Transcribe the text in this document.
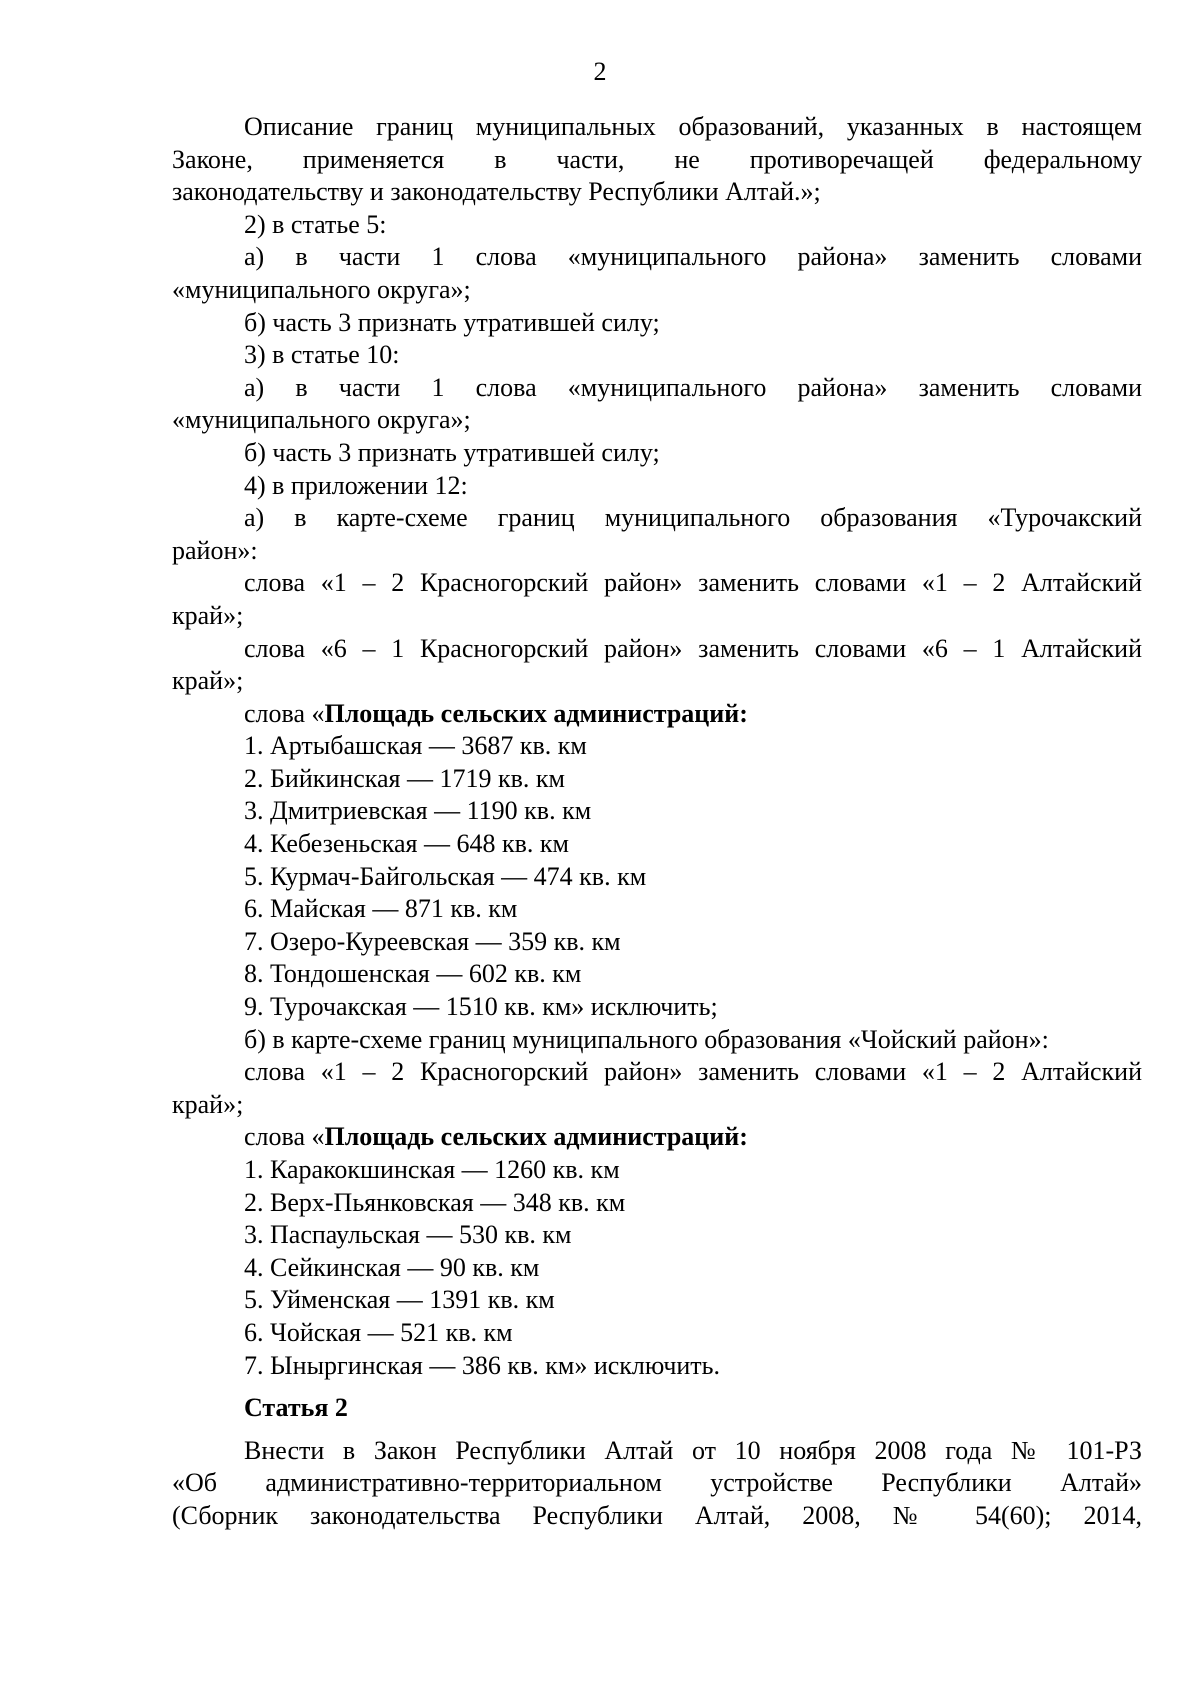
2
Описание границ муниципальных образований, указанных в настоящем
Законе, применяется в части, не противоречащей федеральному
законодательству и законодательству Республики Алтай.»;
2) в статье 5:
а) в части 1 слова «муниципального района» заменить словами
«муниципального округа»;
б) часть 3 признать утратившей силу;
3) в статье 10:
а) в части 1 слова «муниципального района» заменить словами
«муниципального округа»;
б) часть 3 признать утратившей силу;
4) в приложении 12:
а) в карте-схеме границ муниципального образования «Турочакский
район»:
слова «1 – 2 Красногорский район» заменить словами «1 – 2 Алтайский
край»;
слова «6 – 1 Красногорский район» заменить словами «6 – 1 Алтайский
край»;
слова «Площадь сельских администраций:
1. Артыбашская — 3687 кв. км
2. Бийкинская — 1719 кв. км
3. Дмитриевская — 1190 кв. км
4. Кебезеньская — 648 кв. км
5. Курмач-Байгольская — 474 кв. км
6. Майская — 871 кв. км
7. Озеро-Куреевская — 359 кв. км
8. Тондошенская — 602 кв. км
9. Турочакская — 1510 кв. км» исключить;
б) в карте-схеме границ муниципального образования «Чойский район»:
слова «1 – 2 Красногорский район» заменить словами «1 – 2 Алтайский
край»;
слова «Площадь сельских администраций:
1. Каракокшинская — 1260 кв. км
2. Верх-Пьянковская — 348 кв. км
3. Паспаульская — 530 кв. км
4. Сейкинская — 90 кв. км
5. Уйменская — 1391 кв. км
6. Чойская — 521 кв. км
7. Ыныргинская — 386 кв. км» исключить.
Статья 2
Внести в Закон Республики Алтай от 10 ноября 2008 года № 101-РЗ
«Об административно-территориальном устройстве Республики Алтай»
(Сборник законодательства Республики Алтай, 2008, № 54(60); 2014,
